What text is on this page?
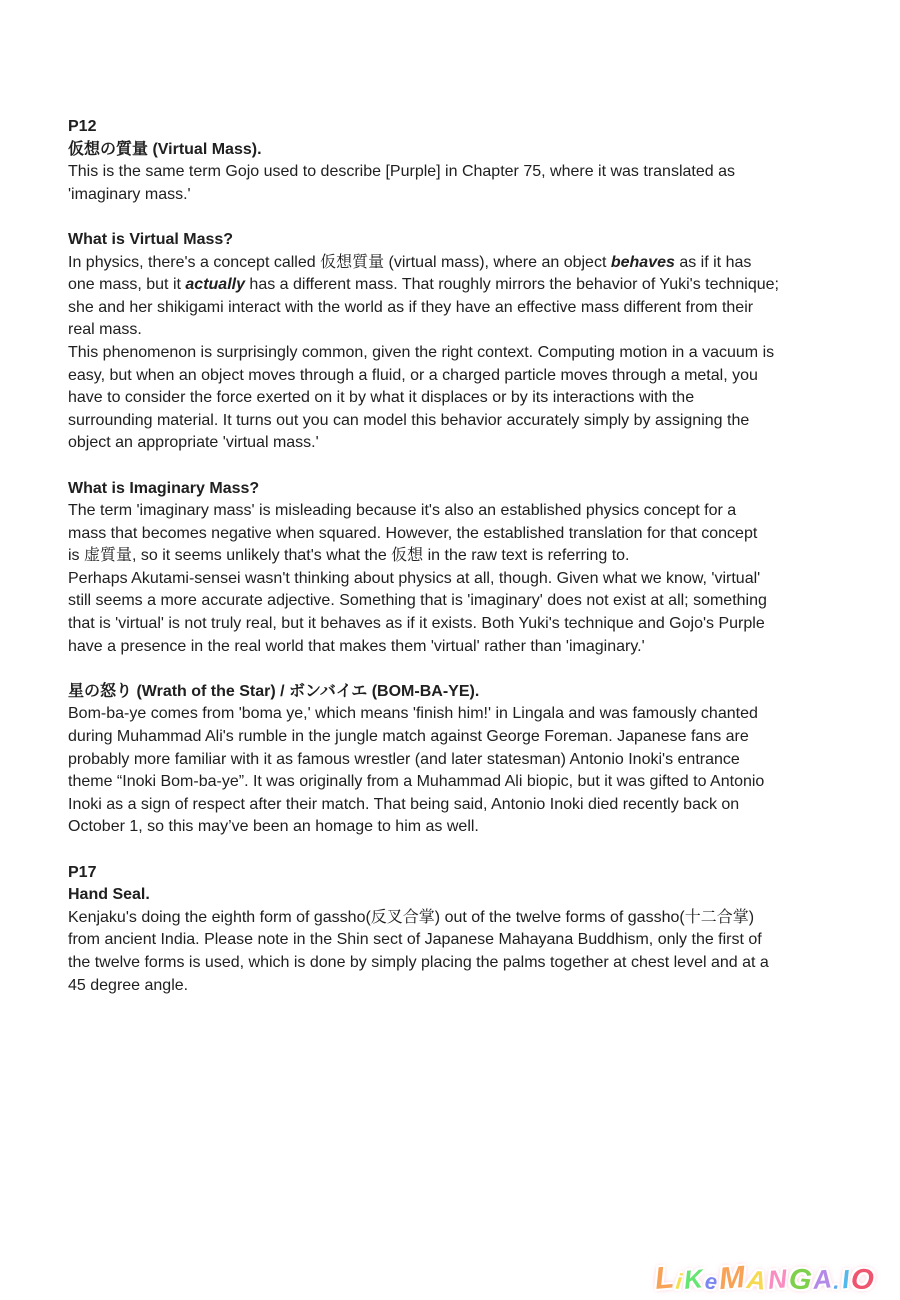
P12
仮想の質量 (Virtual Mass).
This is the same term Gojo used to describe [Purple] in Chapter 75, where it was translated as
'imaginary mass.'
What is Virtual Mass?
In physics, there's a concept called 仮想質量 (virtual mass), where an object behaves as if it has
one mass, but it actually has a different mass. That roughly mirrors the behavior of Yuki's technique;
she and her shikigami interact with the world as if they have an effective mass different from their
real mass.
This phenomenon is surprisingly common, given the right context. Computing motion in a vacuum is
easy, but when an object moves through a fluid, or a charged particle moves through a metal, you
have to consider the force exerted on it by what it displaces or by its interactions with the
surrounding material. It turns out you can model this behavior accurately simply by assigning the
object an appropriate 'virtual mass.'
What is Imaginary Mass?
The term 'imaginary mass' is misleading because it's also an established physics concept for a
mass that becomes negative when squared. However, the established translation for that concept
is 虚質量, so it seems unlikely that's what the 仮想 in the raw text is referring to.
Perhaps Akutami-sensei wasn't thinking about physics at all, though. Given what we know, 'virtual'
still seems a more accurate adjective. Something that is 'imaginary' does not exist at all; something
that is 'virtual' is not truly real, but it behaves as if it exists. Both Yuki's technique and Gojo's Purple
have a presence in the real world that makes them 'virtual' rather than 'imaginary.'
星の怒り (Wrath of the Star) / ボンバイエ (BOM-BA-YE).
Bom-ba-ye comes from 'boma ye,' which means 'finish him!' in Lingala and was famously chanted
during Muhammad Ali's rumble in the jungle match against George Foreman. Japanese fans are
probably more familiar with it as famous wrestler (and later statesman) Antonio Inoki's entrance
theme “Inoki Bom-ba-ye”. It was originally from a Muhammad Ali biopic, but it was gifted to Antonio
Inoki as a sign of respect after their match. That being said, Antonio Inoki died recently back on
October 1, so this may’ve been an homage to him as well.
P17
Hand Seal.
Kenjaku's doing the eighth form of gassho(反叉合掌) out of the twelve forms of gassho(十二合掌)
from ancient India. Please note in the Shin sect of Japanese Mahayana Buddhism, only the first of
the twelve forms is used, which is done by simply placing the palms together at chest level and at a
45 degree angle.
LiKeMANGA.IO
